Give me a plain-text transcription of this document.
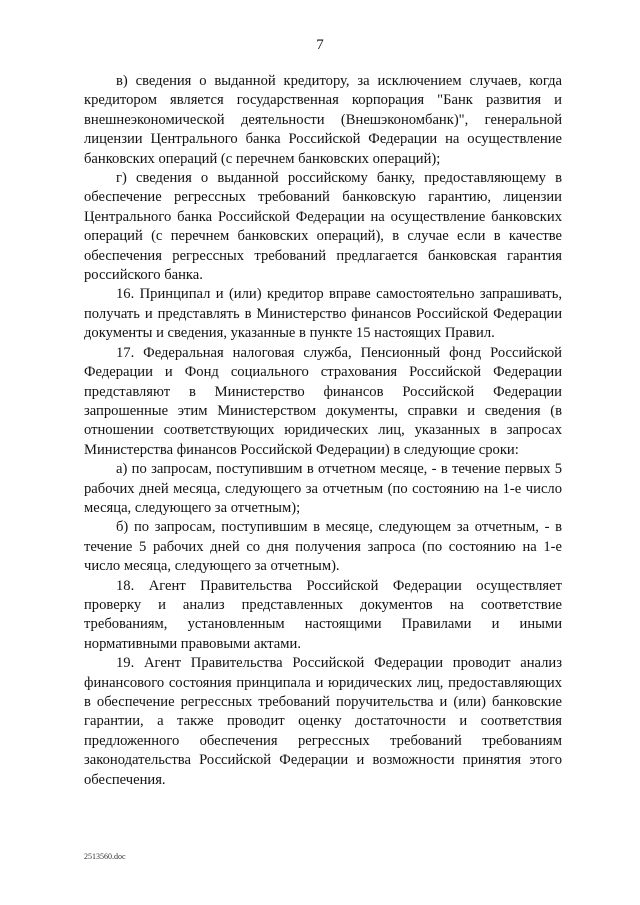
7

в) сведения о выданной кредитору, за исключением случаев, когда кредитором является государственная корпорация "Банк развития и внешнеэкономической деятельности (Внешэкономбанк)", генеральной лицензии Центрального банка Российской Федерации на осуществление банковских операций (с перечнем банковских операций);

г) сведения о выданной российскому банку, предоставляющему в обеспечение регрессных требований банковскую гарантию, лицензии Центрального банка Российской Федерации на осуществление банковских операций (с перечнем банковских операций), в случае если в качестве обеспечения регрессных требований предлагается банковская гарантия российского банка.

16. Принципал и (или) кредитор вправе самостоятельно запрашивать, получать и представлять в Министерство финансов Российской Федерации документы и сведения, указанные в пункте 15 настоящих Правил.

17. Федеральная налоговая служба, Пенсионный фонд Российской Федерации и Фонд социального страхования Российской Федерации представляют в Министерство финансов Российской Федерации запрошенные этим Министерством документы, справки и сведения (в отношении соответствующих юридических лиц, указанных в запросах Министерства финансов Российской Федерации) в следующие сроки:

а) по запросам, поступившим в отчетном месяце, - в течение первых 5 рабочих дней месяца, следующего за отчетным (по состоянию на 1-е число месяца, следующего за отчетным);

б) по запросам, поступившим в месяце, следующем за отчетным, - в течение 5 рабочих дней со дня получения запроса (по состоянию на 1-е число месяца, следующего за отчетным).

18. Агент Правительства Российской Федерации осуществляет проверку и анализ представленных документов на соответствие требованиям, установленным настоящими Правилами и иными нормативными правовыми актами.

19. Агент Правительства Российской Федерации проводит анализ финансового состояния принципала и юридических лиц, предоставляющих в обеспечение регрессных требований поручительства и (или) банковские гарантии, а также проводит оценку достаточности и соответствия предложенного обеспечения регрессных требований требованиям законодательства Российской Федерации и возможности принятия этого обеспечения.

2513560.doc
